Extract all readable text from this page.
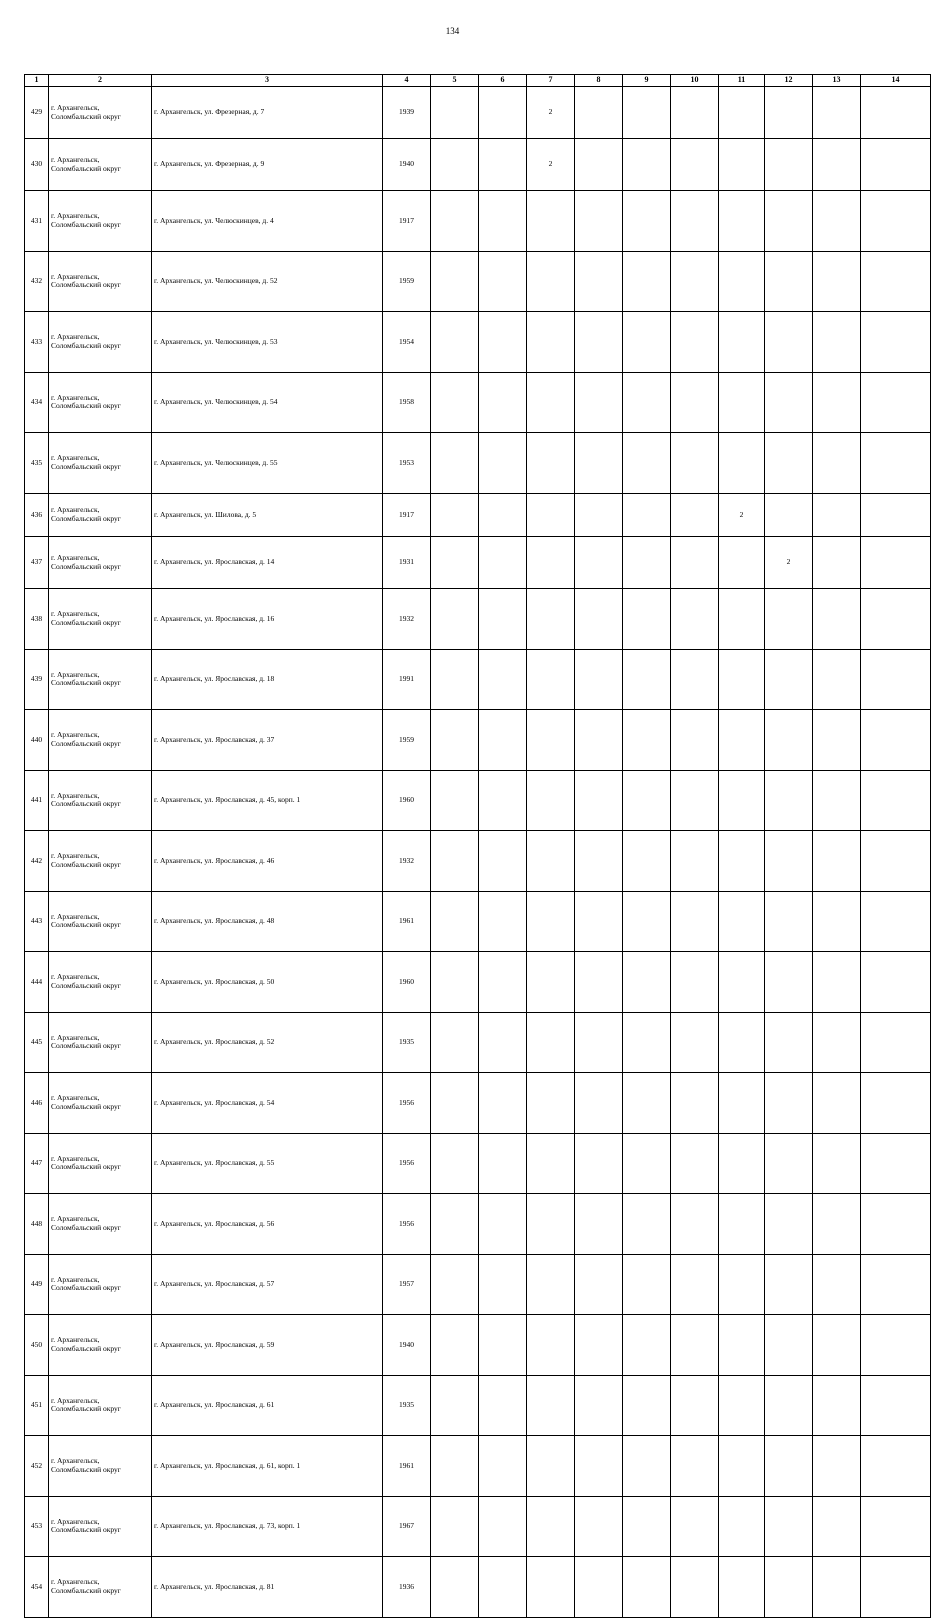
134
1	2	3	4	5	6	7	8	9	10	11	12	13	14	
429	г. Архангельск, Соломбальский округ	г. Архангельск, ул. Фрезерная, д. 7	1939			2								
430	г. Архангельск, Соломбальский округ	г. Архангельск, ул. Фрезерная, д. 9	1940			2								
431	г. Архангельск, Соломбальский округ	г. Архангельск, ул. Челюскинцев, д. 4	1917											
432	г. Архангельск, Соломбальский округ	г. Архангельск, ул. Челюскинцев, д. 52	1959											
433	г. Архангельск, Соломбальский округ	г. Архангельск, ул. Челюскинцев, д. 53	1954											
434	г. Архангельск, Соломбальский округ	г. Архангельск, ул. Челюскинцев, д. 54	1958											
435	г. Архангельск, Соломбальский округ	г. Архангельск, ул. Челюскинцев, д. 55	1953											
436	г. Архангельск, Соломбальский округ	г. Архангельск, ул. Шилова, д. 5	1917							2				
437	г. Архангельск, Соломбальский округ	г. Архангельск, ул. Ярославская, д. 14	1931								2			
438	г. Архангельск, Соломбальский округ	г. Архангельск, ул. Ярославская, д. 16	1932											
439	г. Архангельск, Соломбальский округ	г. Архангельск, ул. Ярославская, д. 18	1991											
440	г. Архангельск, Соломбальский округ	г. Архангельск, ул. Ярославская, д. 37	1959											
441	г. Архангельск, Соломбальский округ	г. Архангельск, ул. Ярославская, д. 45, корп. 1	1960											
442	г. Архангельск, Соломбальский округ	г. Архангельск, ул. Ярославская, д. 46	1932											
443	г. Архангельск, Соломбальский округ	г. Архангельск, ул. Ярославская, д. 48	1961											
444	г. Архангельск, Соломбальский округ	г. Архангельск, ул. Ярославская, д. 50	1960											
445	г. Архангельск, Соломбальский округ	г. Архангельск, ул. Ярославская, д. 52	1935											
446	г. Архангельск, Соломбальский округ	г. Архангельск, ул. Ярославская, д. 54	1956											
447	г. Архангельск, Соломбальский округ	г. Архангельск, ул. Ярославская, д. 55	1956											
448	г. Архангельск, Соломбальский округ	г. Архангельск, ул. Ярославская, д. 56	1956											
449	г. Архангельск, Соломбальский округ	г. Архангельск, ул. Ярославская, д. 57	1957											
450	г. Архангельск, Соломбальский округ	г. Архангельск, ул. Ярославская, д. 59	1940											
451	г. Архангельск, Соломбальский округ	г. Архангельск, ул. Ярославская, д. 61	1935											
452	г. Архангельск, Соломбальский округ	г. Архангельск, ул. Ярославская, д. 61, корп. 1	1961											
453	г. Архангельск, Соломбальский округ	г. Архангельск, ул. Ярославская, д. 73, корп. 1	1967											
454	г. Архангельск, Соломбальский округ	г. Архангельск, ул. Ярославская, д. 81	1936											
